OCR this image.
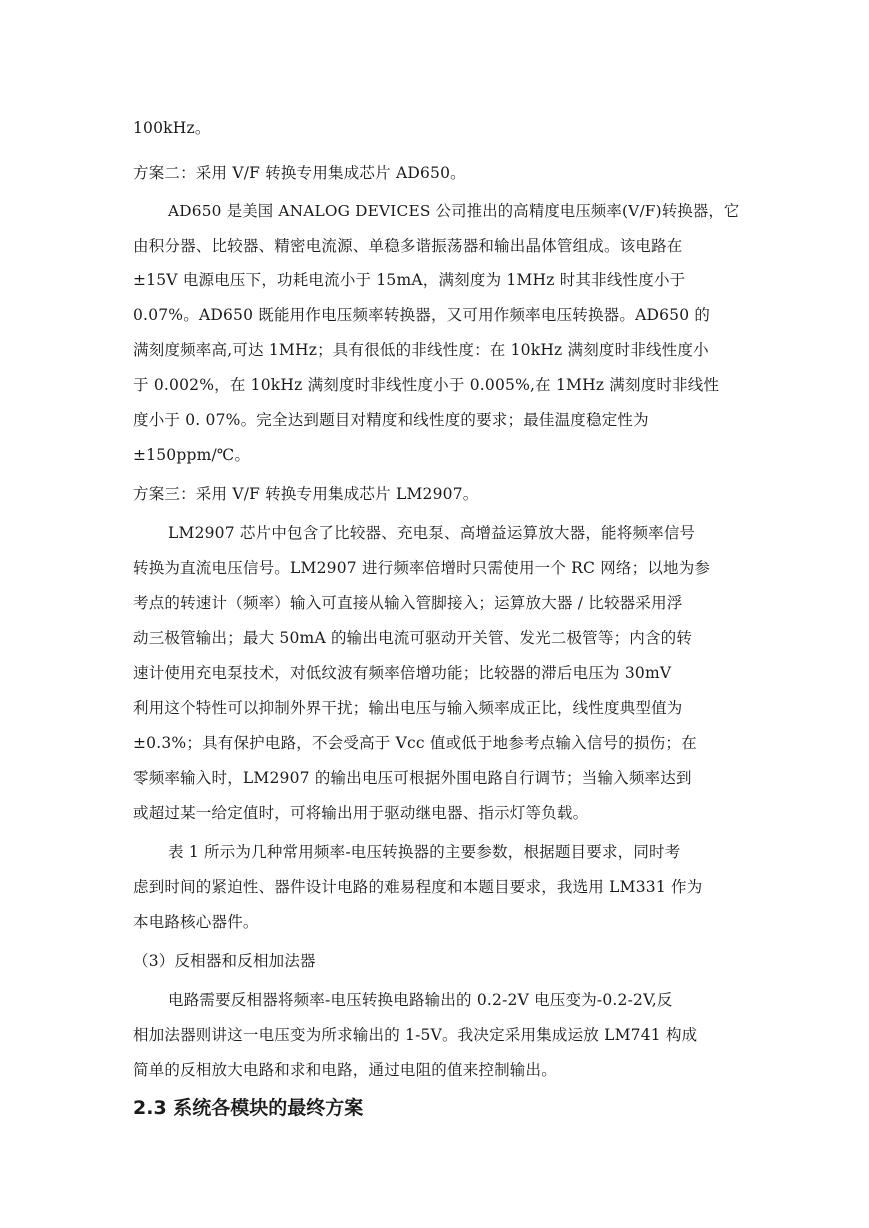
100kHz。
方案二：采用 V/F 转换专用集成芯片 AD650。
AD650 是美国 ANALOG DEVICES 公司推出的高精度电压频率(V/F)转换器，它
由积分器、比较器、精密电流源、单稳多谐振荡器和输出晶体管组成。该电路在
±15V 电源电压下，功耗电流小于 15mA，满刻度为 1MHz 时其非线性度小于
0.07%。AD650 既能用作电压频率转换器，又可用作频率电压转换器。AD650 的
满刻度频率高,可达 1MHz；具有很低的非线性度：在 10kHz 满刻度时非线性度小
于 0.002%，在 10kHz 满刻度时非线性度小于 0.005%,在 1MHz 满刻度时非线性
度小于 0. 07%。完全达到题目对精度和线性度的要求；最佳温度稳定性为
±150ppm/℃。
方案三：采用 V/F 转换专用集成芯片 LM2907。
LM2907 芯片中包含了比较器、充电泵、高增益运算放大器，能将频率信号
转换为直流电压信号。LM2907 进行频率倍增时只需使用一个 RC 网络；以地为参
考点的转速计（频率）输入可直接从输入管脚接入；运算放大器 / 比较器采用浮
动三极管输出；最大 50mA 的输出电流可驱动开关管、发光二极管等；内含的转
速计使用充电泵技术，对低纹波有频率倍增功能；比较器的滞后电压为 30mV
利用这个特性可以抑制外界干扰；输出电压与输入频率成正比，线性度典型值为
±0.3%；具有保护电路，不会受高于 Vcc 值或低于地参考点输入信号的损伤；在
零频率输入时，LM2907 的输出电压可根据外围电路自行调节；当输入频率达到
或超过某一给定值时，可将输出用于驱动继电器、指示灯等负载。
表 1 所示为几种常用频率-电压转换器的主要参数，根据题目要求，同时考
虑到时间的紧迫性、器件设计电路的难易程度和本题目要求，我选用 LM331 作为
本电路核心器件。
（3）反相器和反相加法器
电路需要反相器将频率-电压转换电路输出的 0.2-2V 电压变为-0.2-2V,反
相加法器则讲这一电压变为所求输出的 1-5V。我决定采用集成运放 LM741 构成
简单的反相放大电路和求和电路，通过电阻的值来控制输出。
2.3 系统各模块的最终方案
